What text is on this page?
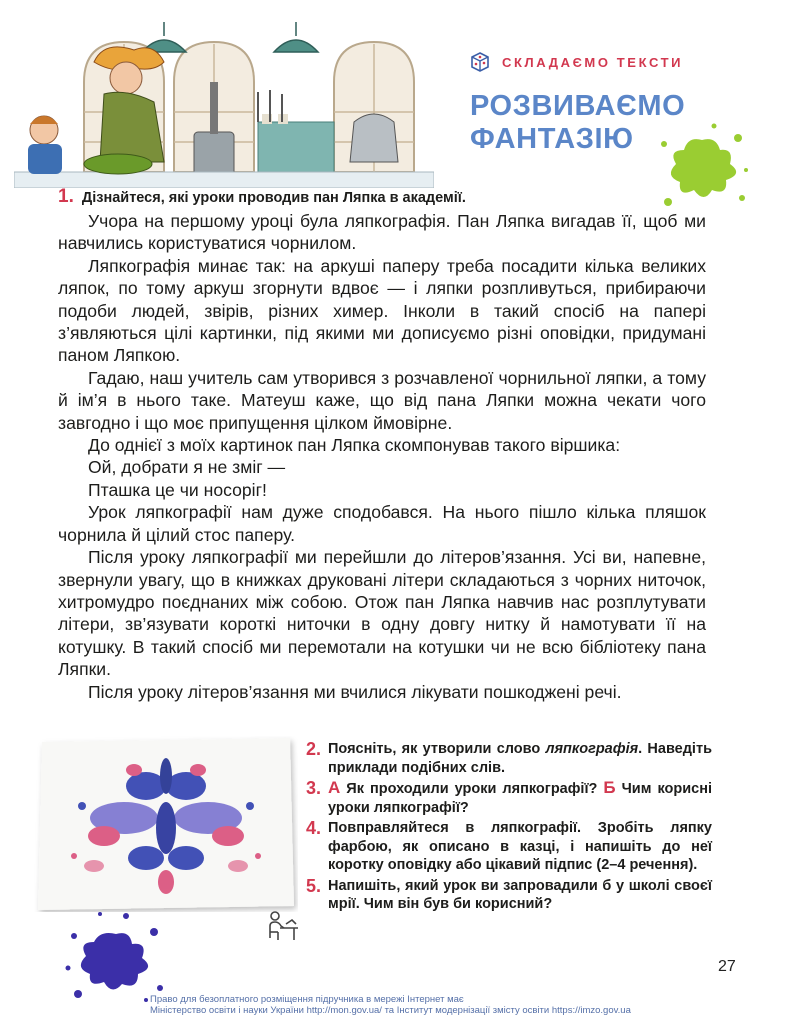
СКЛАДАЄМО ТЕКСТИ
РОЗВИВАЄМО
ФАНТАЗІЮ
1. Дізнайтеся, які уроки проводив пан Ляпка в академії.

Учора на першому уроці була ляпкографія. Пан Ляпка вигадав її, щоб ми навчились користуватися чорнилом.

Ляпкографія минає так: на аркуші паперу треба посадити кілька великих ляпок, по тому аркуш згорнути вдвоє — і ляпки розпливуться, прибираючи подоби людей, звірів, різних химер. Інколи в такий спосіб на папері з’являються цілі картинки, під якими ми дописуємо різні оповідки, придумані паном Ляпкою.

Гадаю, наш учитель сам утворився з розчавленої чорнильної ляпки, а тому й ім’я в нього таке. Матеуш каже, що від пана Ляпки можна чекати чого завгодно і що моє припущення цілком ймовірне.

До однієї з моїх картинок пан Ляпка скомпонував такого віршика:

Ой, добрати я не зміг —

Пташка це чи носоріг!

Урок ляпкографії нам дуже сподобався. На нього пішло кілька пляшок чорнила й цілий стос паперу.

Після уроку ляпкографії ми перейшли до літеров’язання. Усі ви, напевне, звернули увагу, що в книжках друковані літери складаються з чорних ниточок, хитромудро поєднаних між собою. Отож пан Ляпка навчив нас розплутувати літери, зв’язувати короткі ниточки в одну довгу нитку й намотувати її на котушку. В такий спосіб ми перемотали на котушки чи не всю бібліотеку пана Ляпки.

Після уроку літеров’язання ми вчилися лікувати пошкоджені речі.

2. Поясніть, як утворили слово ляпкографія. Наведіть приклади подібних слів.
3. А Як проходили уроки ляпкографії? Б Чим корисні уроки ляпкографії?
4. Повправляйтеся в ляпкографії. Зробіть ляпку фарбою, як описано в казці, і напишіть до неї коротку оповідку або цікавий підпис (2–4 речення).
5. Напишіть, який урок ви запровадили б у школі своєї мрії. Чим він був би корисний?
27
Право для безоплатного розміщення підручника в мережі Інтернет має
Міністерство освіти і науки України http://mon.gov.ua/ та Інститут модернізації змісту освіти https://imzo.gov.ua
